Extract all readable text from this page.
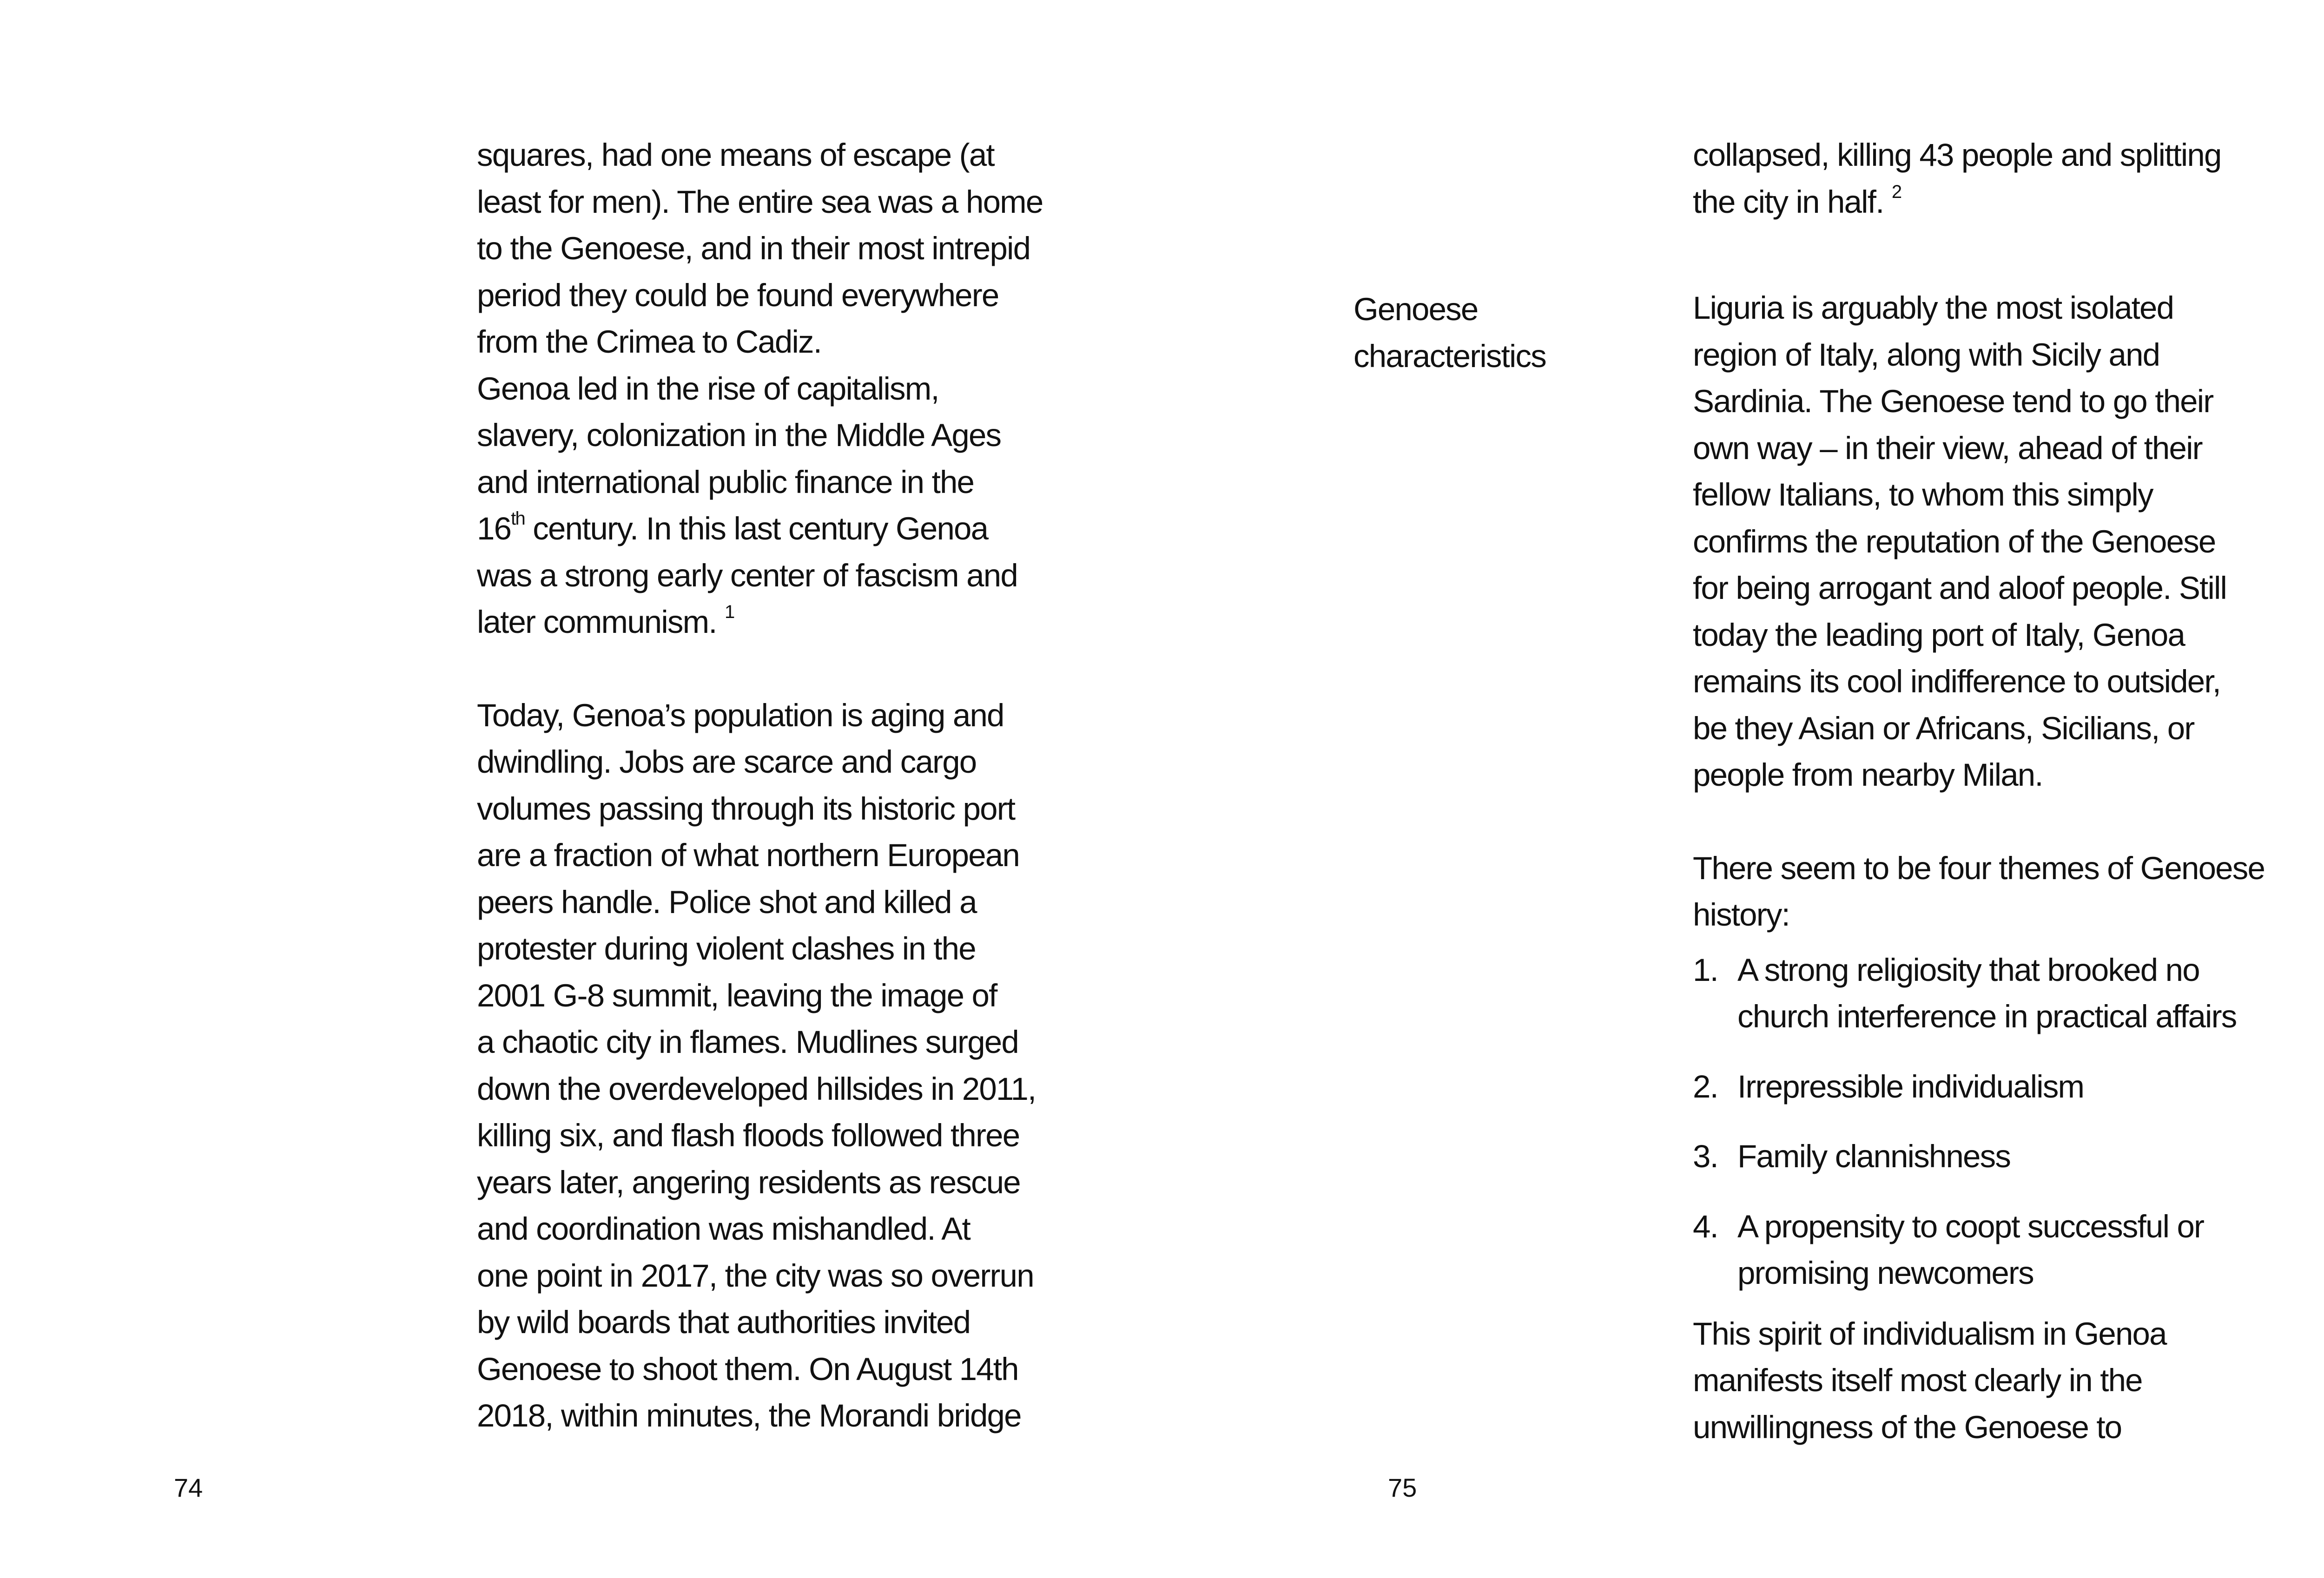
squares, had one means of escape (at
least for men). The entire sea was a home
to the Genoese, and in their most intrepid
period they could be found everywhere
from the Crimea to Cadiz.
Genoa led in the rise of capitalism,
slavery, colonization in the Middle Ages
and international public finance in the

16th century. In this last century Genoa
was a strong early center of fascism and
later communism. $^1$

Today, Genoa’s population is aging and
dwindling. Jobs are scarce and cargo
volumes passing through its historic port
are a fraction of what northern European
peers handle. Police shot and killed a
protester during violent clashes in the
2001 G-8 summit, leaving the image of
a chaotic city in flames. Mudlines surged
down the overdeveloped hillsides in 2011,
killing six, and flash floods followed three
years later, angering residents as rescue
and coordination was mishandled. At
one point in 2017, the city was so overrun
by wild boards that authorities invited
Genoese to shoot them. On August 14th
2018, within minutes, the Morandi bridge

74

Genoese
characteristics

collapsed, killing 43 people and splitting
the city in half. $^2$

Liguria is arguably the most isolated
region of Italy, along with Sicily and
Sardinia. The Genoese tend to go their
own way – in their view, ahead of their
fellow Italians, to whom this simply
confirms the reputation of the Genoese
for being arrogant and aloof people. Still
today the leading port of Italy, Genoa
remains its cool indifference to outsider,
be they Asian or Africans, Sicilians, or
people from nearby Milan.

There seem to be four themes of Genoese
history:

1. A strong religiosity that brooked no
church interference in practical affairs
2. Irrepressible individualism
3. Family clannishness
4. A propensity to coopt successful or
promising newcomers

This spirit of individualism in Genoa
manifests itself most clearly in the
unwillingness of the Genoese to

75
